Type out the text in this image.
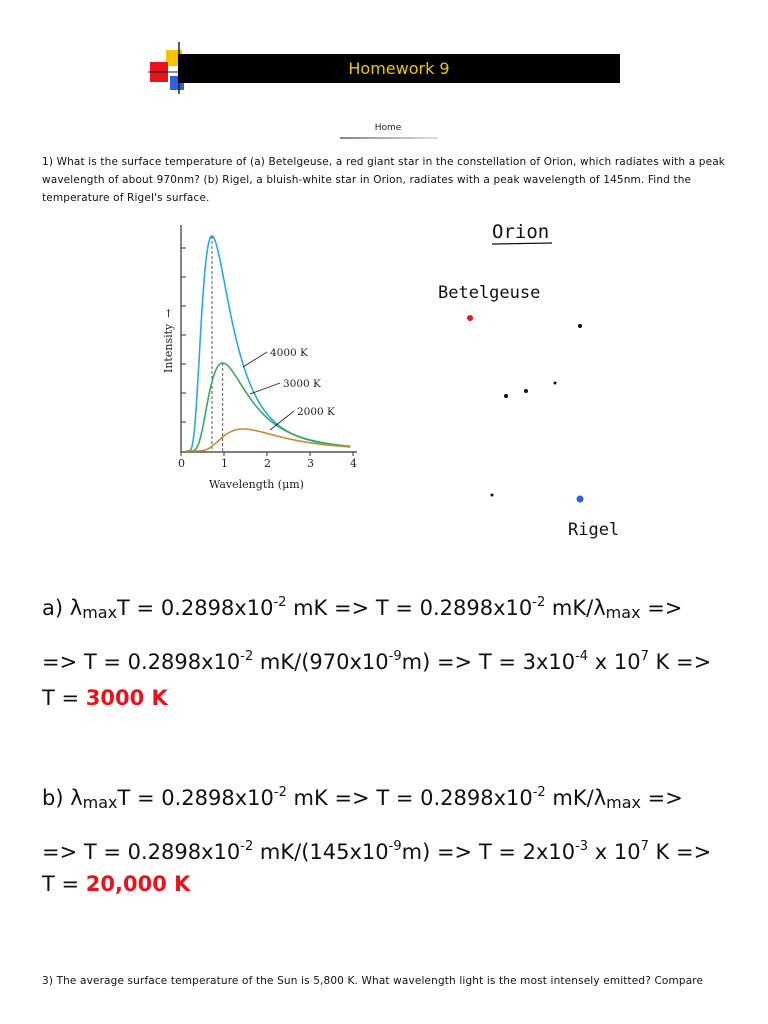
Homework 9
Home
1) What is the surface temperature of (a) Betelgeuse, a red giant star in the constellation of Orion, which radiates with a peak wavelength of about 970nm? (b) Rigel, a bluish-white star in Orion, radiates with a peak wavelength of 145nm. Find the temperature of Rigel's surface.
0	1	2	3	4
4000 K
3000 K
2000 K
Intensity
→
Wavelength (μm)
Orion
Betelgeuse
Rigel
a) $\lambda_{max}T = 0.2898x10^{-2}$ mK => $T = 0.2898x10^{-2}$ $mK/\lambda_{max}$ =>
=> $T = 0.2898x10^{-2}$ $mK/(970x10^{-9}m) => T = 3x10^{-4}$ x $10^7$ K =>
T = 3000 K
b) $\lambda_{max}T = 0.2898x10^{-2}$ mK => $T = 0.2898x10^{-2}$ $mK/\lambda_{max}$ =>
=> $T = 0.2898x10^{-2}$ $mK/(145x10^{-9}m) => T = 2x10^{-3}$ x $10^7$ K =>
T = 20,000 K
3) The average surface temperature of the Sun is 5,800 K. What wavelength light is the most intensely emitted? Compare
